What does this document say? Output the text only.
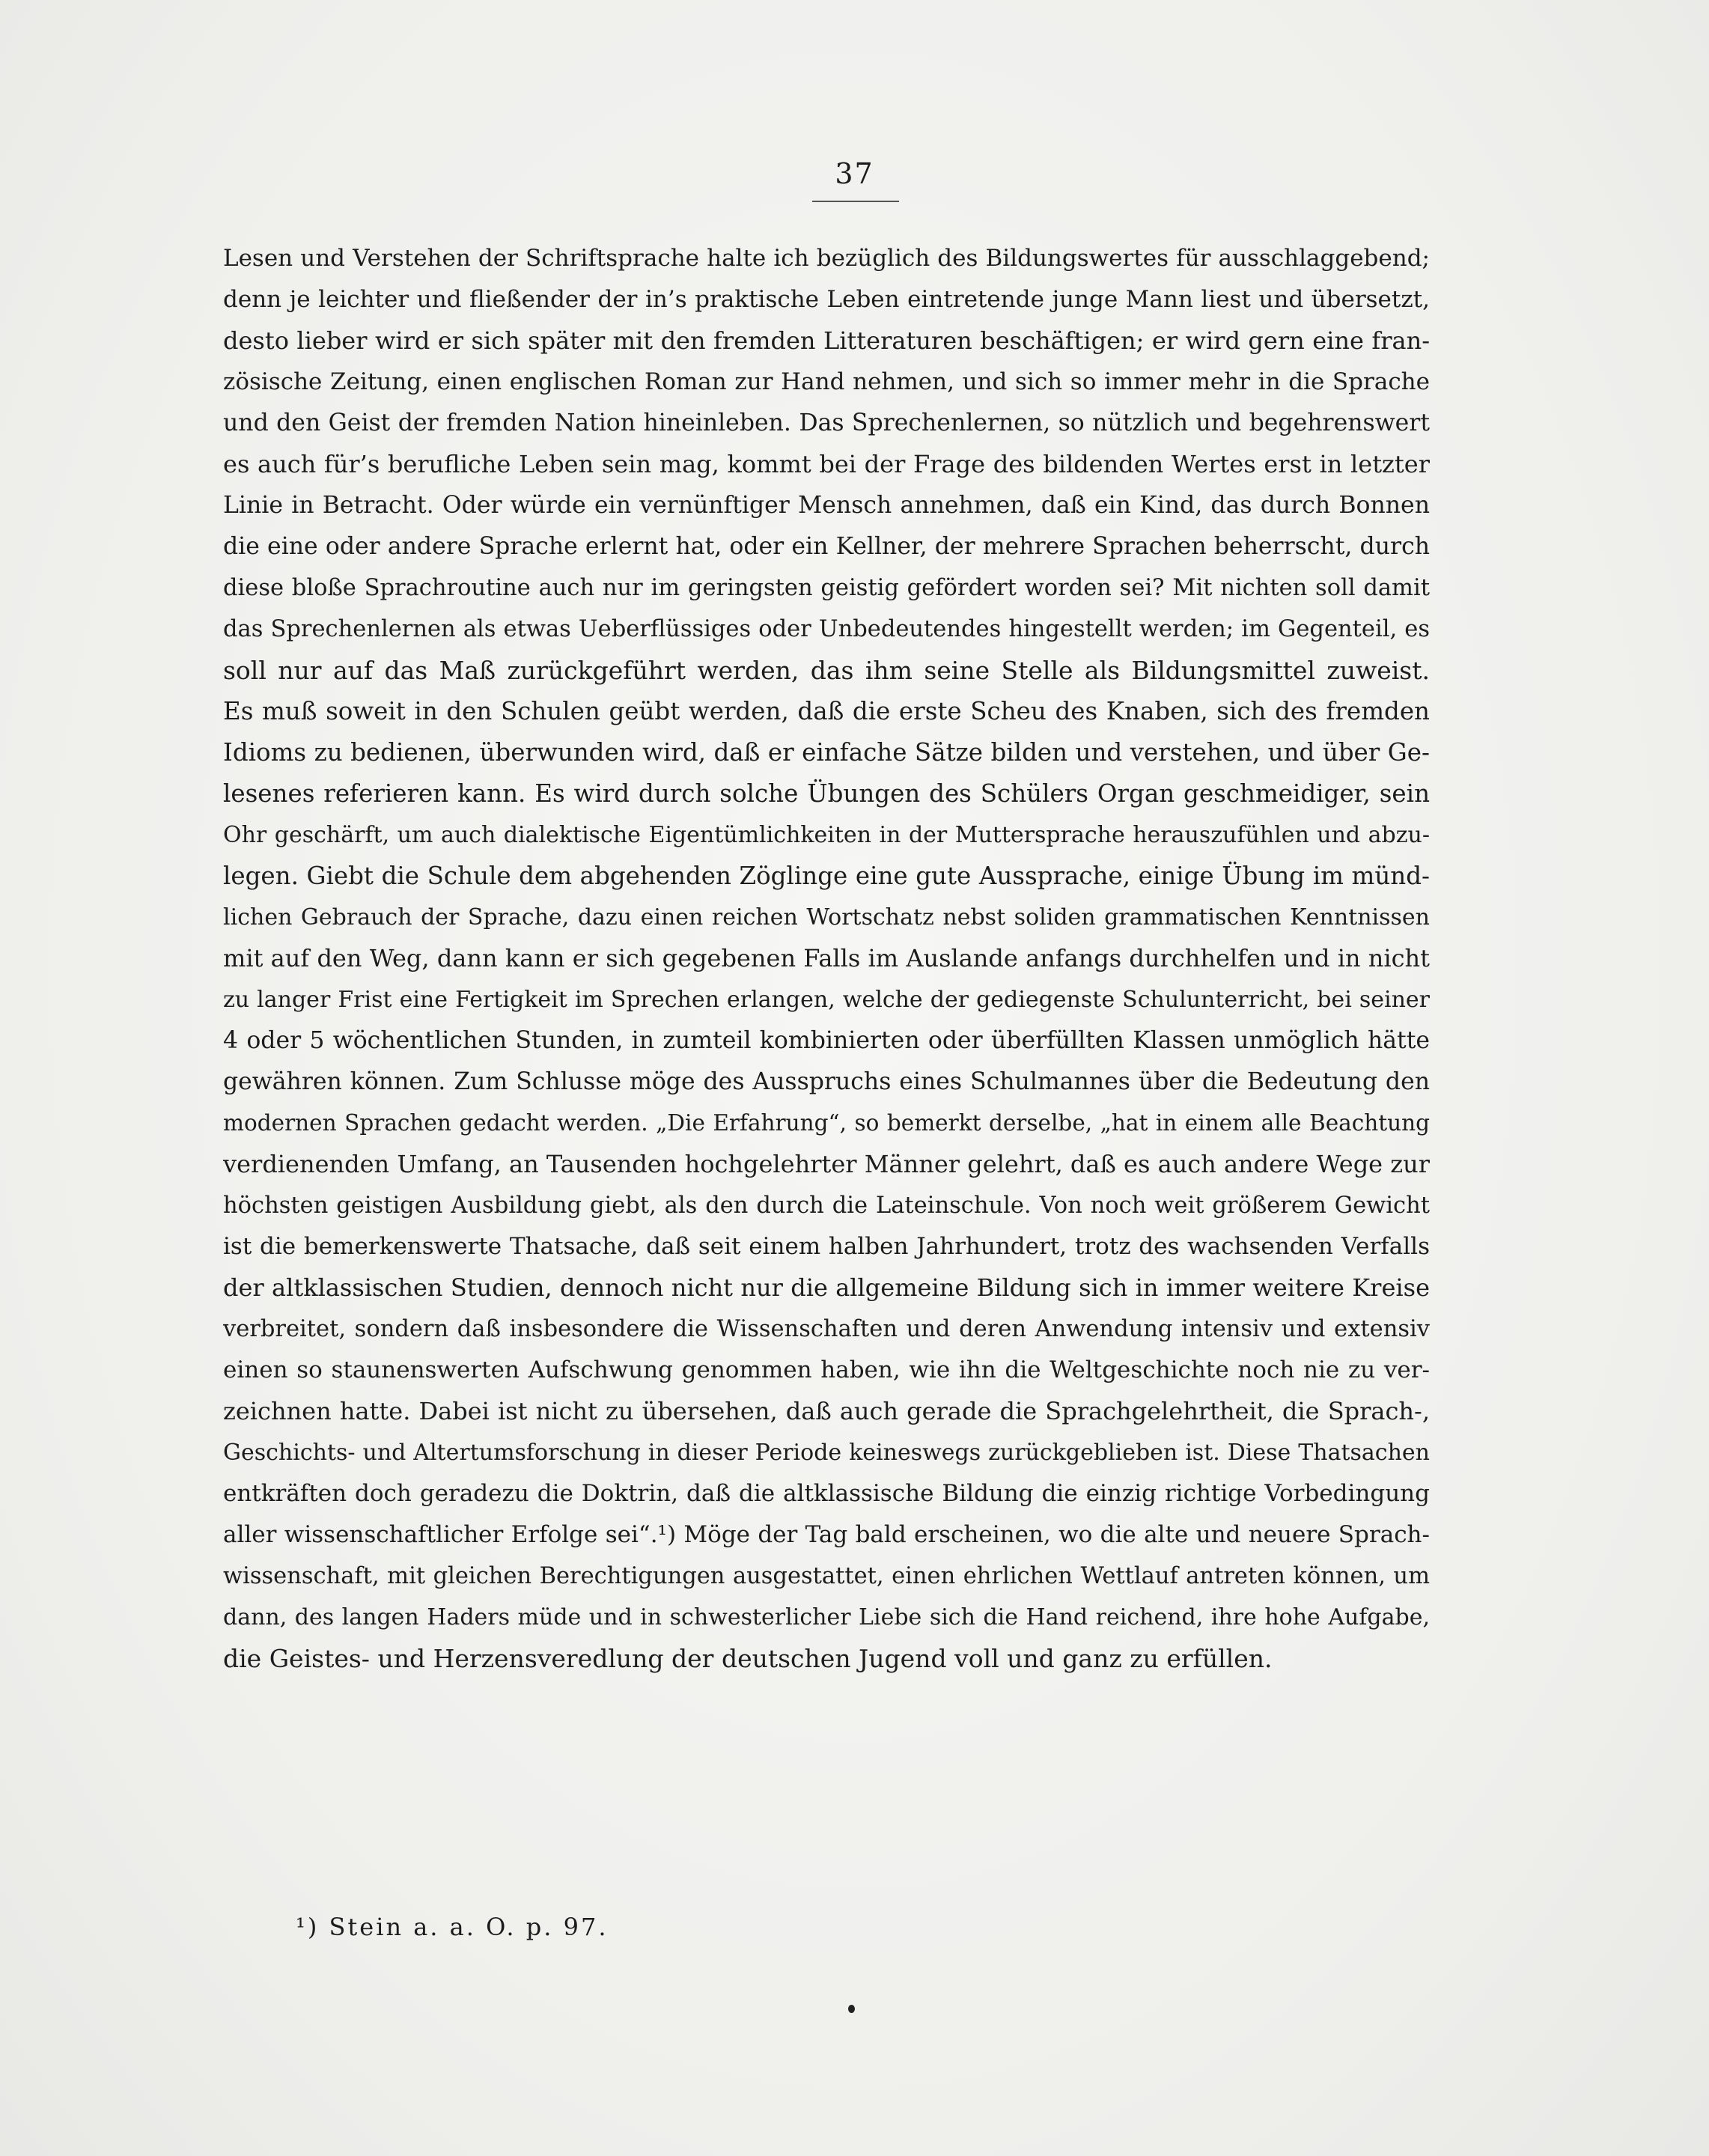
37
Lesen und Verstehen der Schriftsprache halte ich bezüglich des Bildungswertes für ausschlaggebend;
denn je leichter und fließender der in’s praktische Leben eintretende junge Mann liest und übersetzt,
desto lieber wird er sich später mit den fremden Litteraturen beschäftigen; er wird gern eine fran-
zösische Zeitung, einen englischen Roman zur Hand nehmen, und sich so immer mehr in die Sprache
und den Geist der fremden Nation hineinleben. Das Sprechenlernen, so nützlich und begehrenswert
es auch für’s berufliche Leben sein mag, kommt bei der Frage des bildenden Wertes erst in letzter
Linie in Betracht. Oder würde ein vernünftiger Mensch annehmen, daß ein Kind, das durch Bonnen
die eine oder andere Sprache erlernt hat, oder ein Kellner, der mehrere Sprachen beherrscht, durch
diese bloße Sprachroutine auch nur im geringsten geistig gefördert worden sei? Mit nichten soll damit
das Sprechenlernen als etwas Ueberflüssiges oder Unbedeutendes hingestellt werden; im Gegenteil, es
soll nur auf das Maß zurückgeführt werden, das ihm seine Stelle als Bildungsmittel zuweist.
Es muß soweit in den Schulen geübt werden, daß die erste Scheu des Knaben, sich des fremden
Idioms zu bedienen, überwunden wird, daß er einfache Sätze bilden und verstehen, und über Ge-
lesenes referieren kann. Es wird durch solche Übungen des Schülers Organ geschmeidiger, sein
Ohr geschärft, um auch dialektische Eigentümlichkeiten in der Muttersprache herauszufühlen und abzu-
legen. Giebt die Schule dem abgehenden Zöglinge eine gute Aussprache, einige Übung im münd-
lichen Gebrauch der Sprache, dazu einen reichen Wortschatz nebst soliden grammatischen Kenntnissen
mit auf den Weg, dann kann er sich gegebenen Falls im Auslande anfangs durchhelfen und in nicht
zu langer Frist eine Fertigkeit im Sprechen erlangen, welche der gediegenste Schulunterricht, bei seiner
4 oder 5 wöchentlichen Stunden, in zumteil kombinierten oder überfüllten Klassen unmöglich hätte
gewähren können. Zum Schlusse möge des Ausspruchs eines Schulmannes über die Bedeutung den
modernen Sprachen gedacht werden. „Die Erfahrung“, so bemerkt derselbe, „hat in einem alle Beachtung
verdienenden Umfang, an Tausenden hochgelehrter Männer gelehrt, daß es auch andere Wege zur
höchsten geistigen Ausbildung giebt, als den durch die Lateinschule. Von noch weit größerem Gewicht
ist die bemerkenswerte Thatsache, daß seit einem halben Jahrhundert, trotz des wachsenden Verfalls
der altklassischen Studien, dennoch nicht nur die allgemeine Bildung sich in immer weitere Kreise
verbreitet, sondern daß insbesondere die Wissenschaften und deren Anwendung intensiv und extensiv
einen so staunenswerten Aufschwung genommen haben, wie ihn die Weltgeschichte noch nie zu ver-
zeichnen hatte. Dabei ist nicht zu übersehen, daß auch gerade die Sprachgelehrtheit, die Sprach-,
Geschichts- und Altertumsforschung in dieser Periode keineswegs zurückgeblieben ist. Diese Thatsachen
entkräften doch geradezu die Doktrin, daß die altklassische Bildung die einzig richtige Vorbedingung
aller wissenschaftlicher Erfolge sei“.¹) Möge der Tag bald erscheinen, wo die alte und neuere Sprach-
wissenschaft, mit gleichen Berechtigungen ausgestattet, einen ehrlichen Wettlauf antreten können, um
dann, des langen Haders müde und in schwesterlicher Liebe sich die Hand reichend, ihre hohe Aufgabe,
die Geistes- und Herzensveredlung der deutschen Jugend voll und ganz zu erfüllen.
¹) Stein a. a. O. p. 97.
